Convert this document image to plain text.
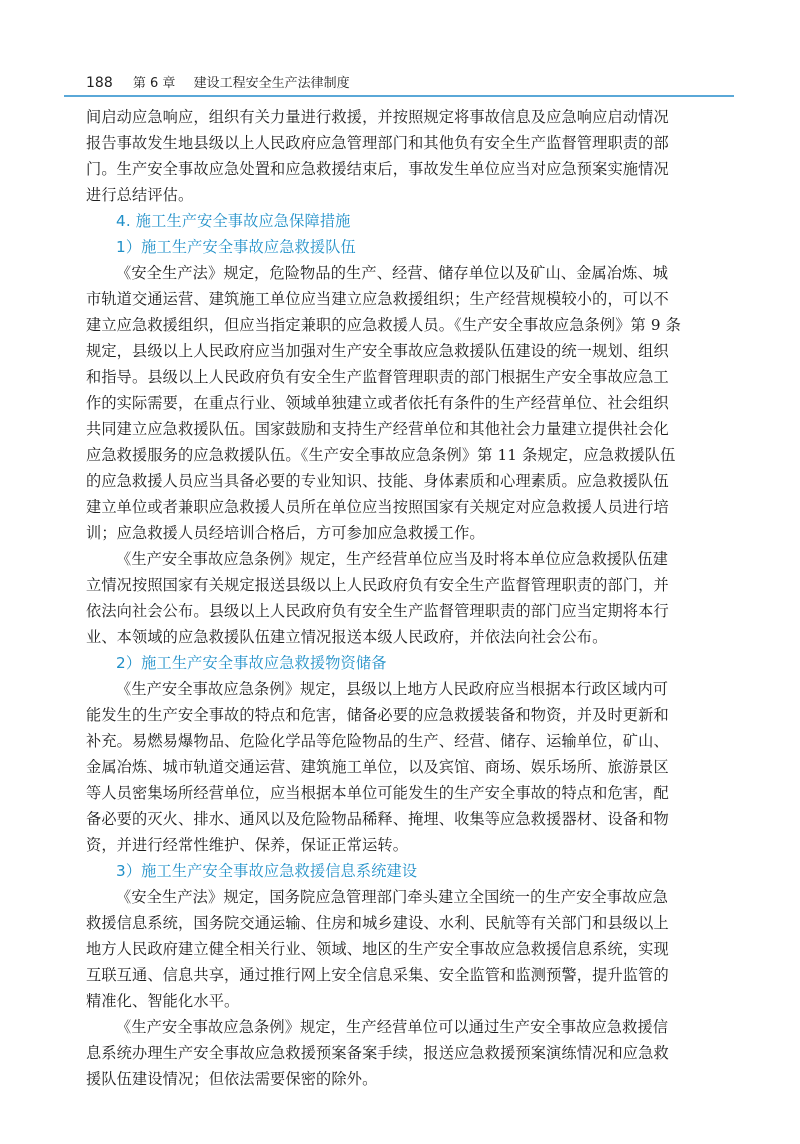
188 第 6 章 建设工程安全生产法律制度
间启动应急响应，组织有关力量进行救援，并按照规定将事故信息及应急响应启动情况
报告事故发生地县级以上人民政府应急管理部门和其他负有安全生产监督管理职责的部
门。生产安全事故应急处置和应急救援结束后，事故发生单位应当对应急预案实施情况
进行总结评估。
4. 施工生产安全事故应急保障措施
1）施工生产安全事故应急救援队伍
《安全生产法》规定，危险物品的生产、经营、储存单位以及矿山、金属冶炼、城
市轨道交通运营、建筑施工单位应当建立应急救援组织；生产经营规模较小的，可以不
建立应急救援组织，但应当指定兼职的应急救援人员。《生产安全事故应急条例》第 9 条
规定，县级以上人民政府应当加强对生产安全事故应急救援队伍建设的统一规划、组织
和指导。县级以上人民政府负有安全生产监督管理职责的部门根据生产安全事故应急工
作的实际需要，在重点行业、领域单独建立或者依托有条件的生产经营单位、社会组织
共同建立应急救援队伍。国家鼓励和支持生产经营单位和其他社会力量建立提供社会化
应急救援服务的应急救援队伍。《生产安全事故应急条例》第 11 条规定，应急救援队伍
的应急救援人员应当具备必要的专业知识、技能、身体素质和心理素质。应急救援队伍
建立单位或者兼职应急救援人员所在单位应当按照国家有关规定对应急救援人员进行培
训；应急救援人员经培训合格后，方可参加应急救援工作。
《生产安全事故应急条例》规定，生产经营单位应当及时将本单位应急救援队伍建
立情况按照国家有关规定报送县级以上人民政府负有安全生产监督管理职责的部门，并
依法向社会公布。县级以上人民政府负有安全生产监督管理职责的部门应当定期将本行
业、本领域的应急救援队伍建立情况报送本级人民政府，并依法向社会公布。
2）施工生产安全事故应急救援物资储备
《生产安全事故应急条例》规定，县级以上地方人民政府应当根据本行政区域内可
能发生的生产安全事故的特点和危害，储备必要的应急救援装备和物资，并及时更新和
补充。易燃易爆物品、危险化学品等危险物品的生产、经营、储存、运输单位，矿山、
金属冶炼、城市轨道交通运营、建筑施工单位，以及宾馆、商场、娱乐场所、旅游景区
等人员密集场所经营单位，应当根据本单位可能发生的生产安全事故的特点和危害，配
备必要的灭火、排水、通风以及危险物品稀释、掩埋、收集等应急救援器材、设备和物
资，并进行经常性维护、保养，保证正常运转。
3）施工生产安全事故应急救援信息系统建设
《安全生产法》规定，国务院应急管理部门牵头建立全国统一的生产安全事故应急
救援信息系统，国务院交通运输、住房和城乡建设、水利、民航等有关部门和县级以上
地方人民政府建立健全相关行业、领域、地区的生产安全事故应急救援信息系统，实现
互联互通、信息共享，通过推行网上安全信息采集、安全监管和监测预警，提升监管的
精准化、智能化水平。
《生产安全事故应急条例》规定，生产经营单位可以通过生产安全事故应急救援信
息系统办理生产安全事故应急救援预案备案手续，报送应急救援预案演练情况和应急救
援队伍建设情况；但依法需要保密的除外。
